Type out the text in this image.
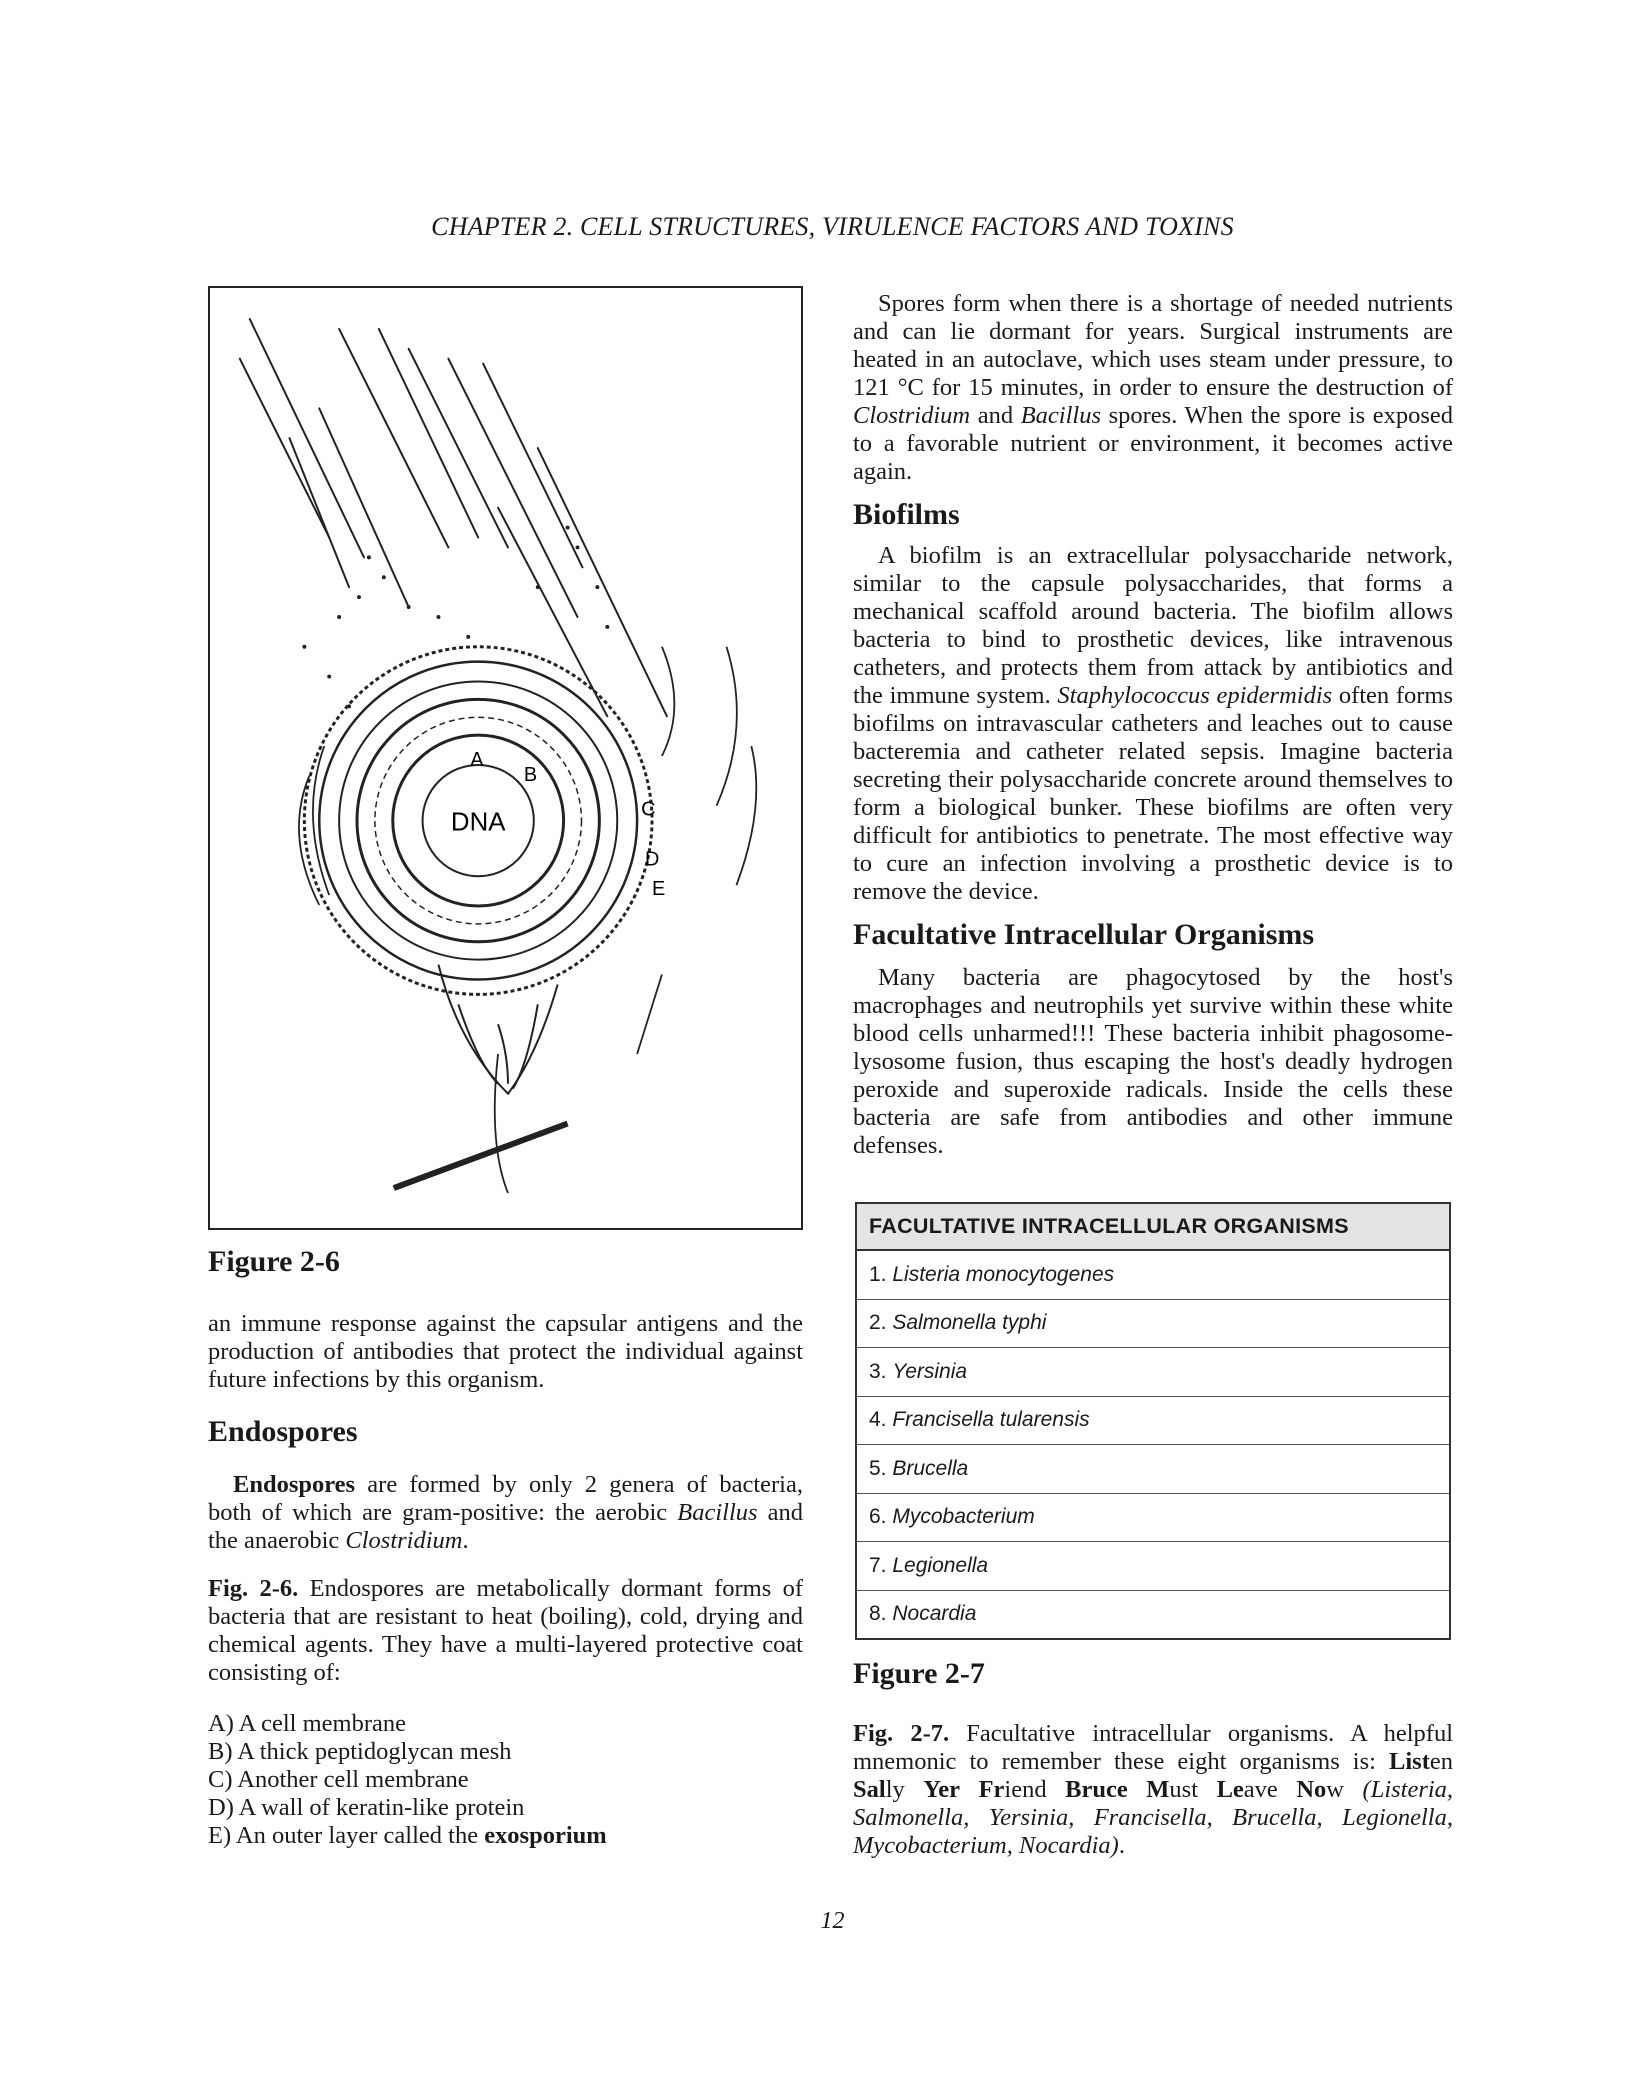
CHAPTER 2. CELL STRUCTURES, VIRULENCE FACTORS AND TOXINS
DNA
A
B
C
D
E

Figure 2-6

an immune response against the capsular antigens and the production of antibodies that protect the individual against future infections by this organism.

Endospores

Endospores are formed by only 2 genera of bacteria, both of which are gram-positive: the aerobic Bacillus and the anaerobic Clostridium.

Fig. 2-6. Endospores are metabolically dormant forms of bacteria that are resistant to heat (boiling), cold, drying and chemical agents. They have a multi-layered protective coat consisting of:

A) A cell membrane
B) A thick peptidoglycan mesh
C) Another cell membrane
D) A wall of keratin-like protein
E) An outer layer called the exosporium

Spores form when there is a shortage of needed nutrients and can lie dormant for years. Surgical instruments are heated in an autoclave, which uses steam under pressure, to 121 °C for 15 minutes, in order to ensure the destruction of Clostridium and Bacillus spores. When the spore is exposed to a favorable nutrient or environment, it becomes active again.

Biofilms

A biofilm is an extracellular polysaccharide network, similar to the capsule polysaccharides, that forms a mechanical scaffold around bacteria. The biofilm allows bacteria to bind to prosthetic devices, like intravenous catheters, and protects them from attack by antibiotics and the immune system. Staphylococcus epidermidis often forms biofilms on intravascular catheters and leaches out to cause bacteremia and catheter related sepsis. Imagine bacteria secreting their polysaccharide concrete around themselves to form a biological bunker. These biofilms are often very difficult for antibiotics to penetrate. The most effective way to cure an infection involving a prosthetic device is to remove the device.

Facultative Intracellular Organisms

Many bacteria are phagocytosed by the host's macrophages and neutrophils yet survive within these white blood cells unharmed!!! These bacteria inhibit phagosome-lysosome fusion, thus escaping the host's deadly hydrogen peroxide and superoxide radicals. Inside the cells these bacteria are safe from antibodies and other immune defenses.

FACULTATIVE INTRACELLULAR ORGANISMS
1. Listeria monocytogenes
2. Salmonella typhi
3. Yersinia
4. Francisella tularensis
5. Brucella
6. Mycobacterium
7. Legionella
8. Nocardia

Figure 2-7

Fig. 2-7. Facultative intracellular organisms. A helpful mnemonic to remember these eight organisms is: Listen Sally Yer Friend Bruce Must Leave Now (Listeria, Salmonella, Yersinia, Francisella, Brucella, Legionella, Mycobacterium, Nocardia).

12
